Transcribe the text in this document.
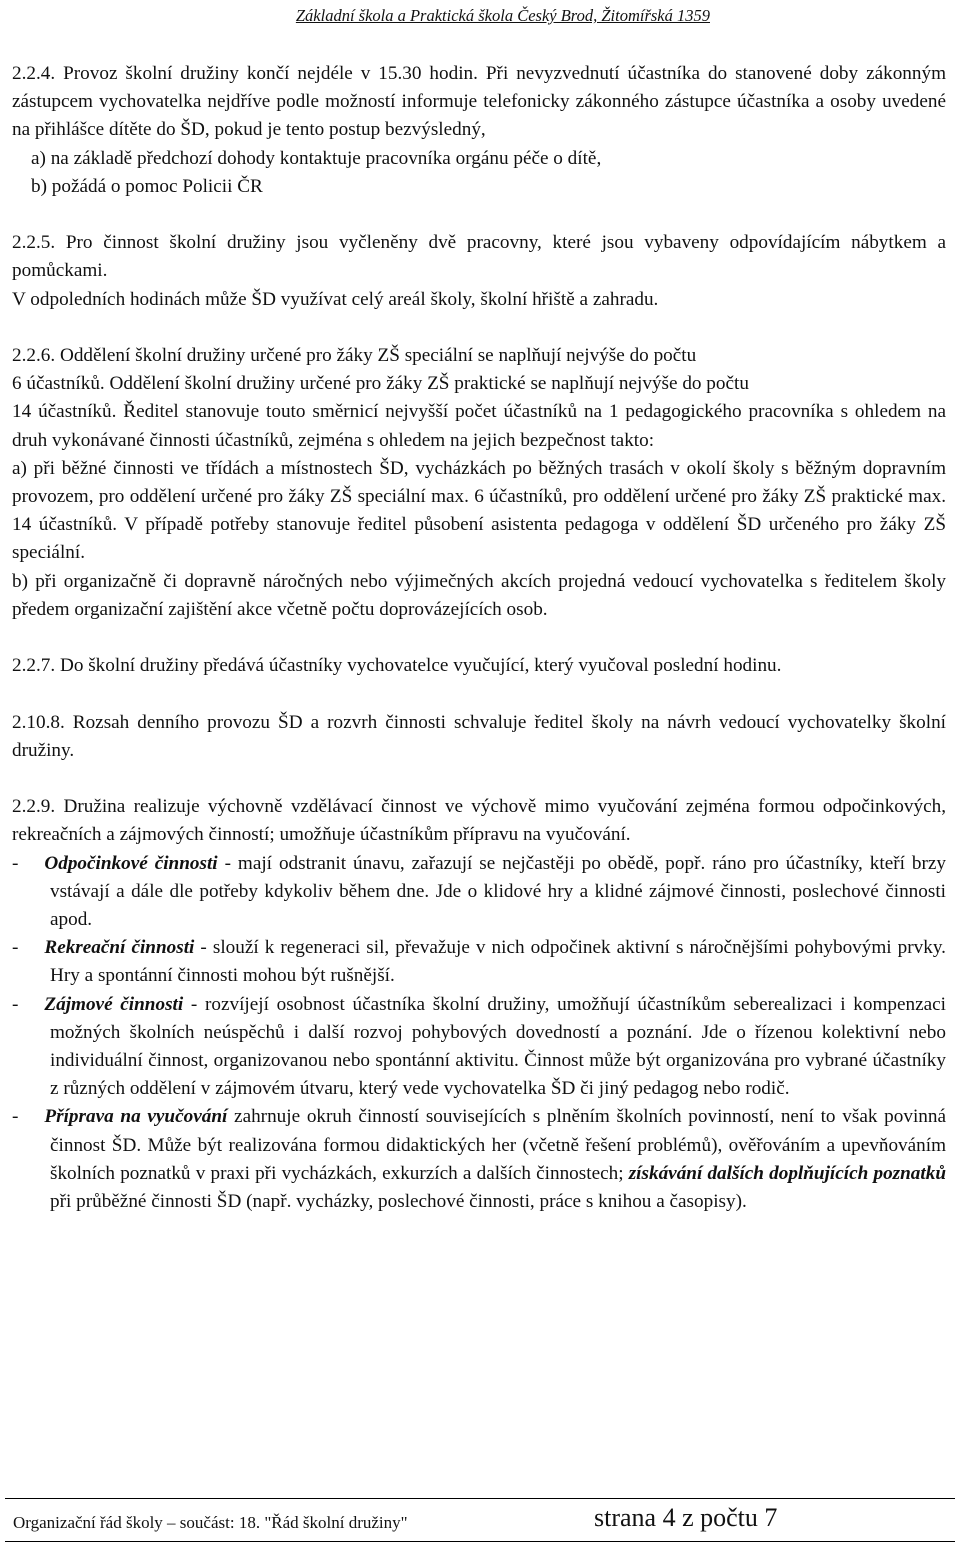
Základní škola a Praktická škola Český Brod, Žitomířská 1359

2.2.4. Provoz školní družiny končí nejdéle v 15.30 hodin. Při nevyzvednutí účastníka do stanovené doby zákonným zástupcem vychovatelka nejdříve podle možností informuje telefonicky zákonného zástupce účastníka a osoby uvedené na přihlášce dítěte do ŠD, pokud je tento postup bezvýsledný,

a) na základě předchozí dohody kontaktuje pracovníka orgánu péče o dítě,

b) požádá o pomoc Policii ČR

2.2.5. Pro činnost školní družiny jsou vyčleněny dvě pracovny, které jsou vybaveny odpovídajícím nábytkem a pomůckami.

V odpoledních hodinách může ŠD využívat celý areál školy, školní hřiště a zahradu.

2.2.6. Oddělení školní družiny určené pro žáky ZŠ speciální se naplňují nejvýše do počtu

6 účastníků. Oddělení školní družiny určené pro žáky ZŠ praktické se naplňují nejvýše do počtu

14 účastníků. Ředitel stanovuje touto směrnicí nejvyšší počet účastníků na 1 pedagogického pracovníka s ohledem na druh vykonávané činnosti účastníků, zejména s ohledem na jejich bezpečnost takto:

a) při běžné činnosti ve třídách a místnostech ŠD, vycházkách po běžných trasách v okolí školy s běžným dopravním provozem, pro oddělení určené pro žáky ZŠ speciální max. 6 účastníků, pro oddělení určené pro žáky ZŠ praktické max. 14 účastníků. V případě potřeby stanovuje ředitel působení asistenta pedagoga v oddělení ŠD určeného pro žáky ZŠ speciální.

b) při organizačně či dopravně náročných nebo výjimečných akcích projedná vedoucí vychovatelka s ředitelem školy předem organizační zajištění akce včetně počtu doprovázejících osob.

2.2.7. Do školní družiny předává účastníky vychovatelce vyučující, který vyučoval poslední hodinu.

2.10.8. Rozsah denního provozu ŠD a rozvrh činnosti schvaluje ředitel školy na návrh vedoucí vychovatelky školní družiny.

2.2.9. Družina realizuje výchovně vzdělávací činnost ve výchově mimo vyučování zejména formou odpočinkových, rekreačních a zájmových činností; umožňuje účastníkům přípravu na vyučování.

- Odpočinkové činnosti - mají odstranit únavu, zařazují se nejčastěji po obědě, popř. ráno pro účastníky, kteří brzy vstávají a dále dle potřeby kdykoliv během dne. Jde o klidové hry a klidné zájmové činnosti, poslechové činnosti apod.

- Rekreační činnosti - slouží k regeneraci sil, převažuje v nich odpočinek aktivní s náročnějšími pohybovými prvky. Hry a spontánní činnosti mohou být rušnější.

- Zájmové činnosti - rozvíjejí osobnost účastníka školní družiny, umožňují účastníkům seberealizaci i kompenzaci možných školních neúspěchů i další rozvoj pohybových dovedností a poznání. Jde o řízenou kolektivní nebo individuální činnost, organizovanou nebo spontánní aktivitu. Činnost může být organizována pro vybrané účastníky z různých oddělení v zájmovém útvaru, který vede vychovatelka ŠD či jiný pedagog nebo rodič.

- Příprava na vyučování zahrnuje okruh činností souvisejících s plněním školních povinností, není to však povinná činnost ŠD. Může být realizována formou didaktických her (včetně řešení problémů), ověřováním a upevňováním školních poznatků v praxi při vycházkách, exkurzích a dalších činnostech; získávání dalších doplňujících poznatků při průběžné činnosti ŠD (např. vycházky, poslechové činnosti, práce s knihou a časopisy).

Organizační řád školy – součást: 18. "Řád školní družiny"	strana 4 z počtu 7
